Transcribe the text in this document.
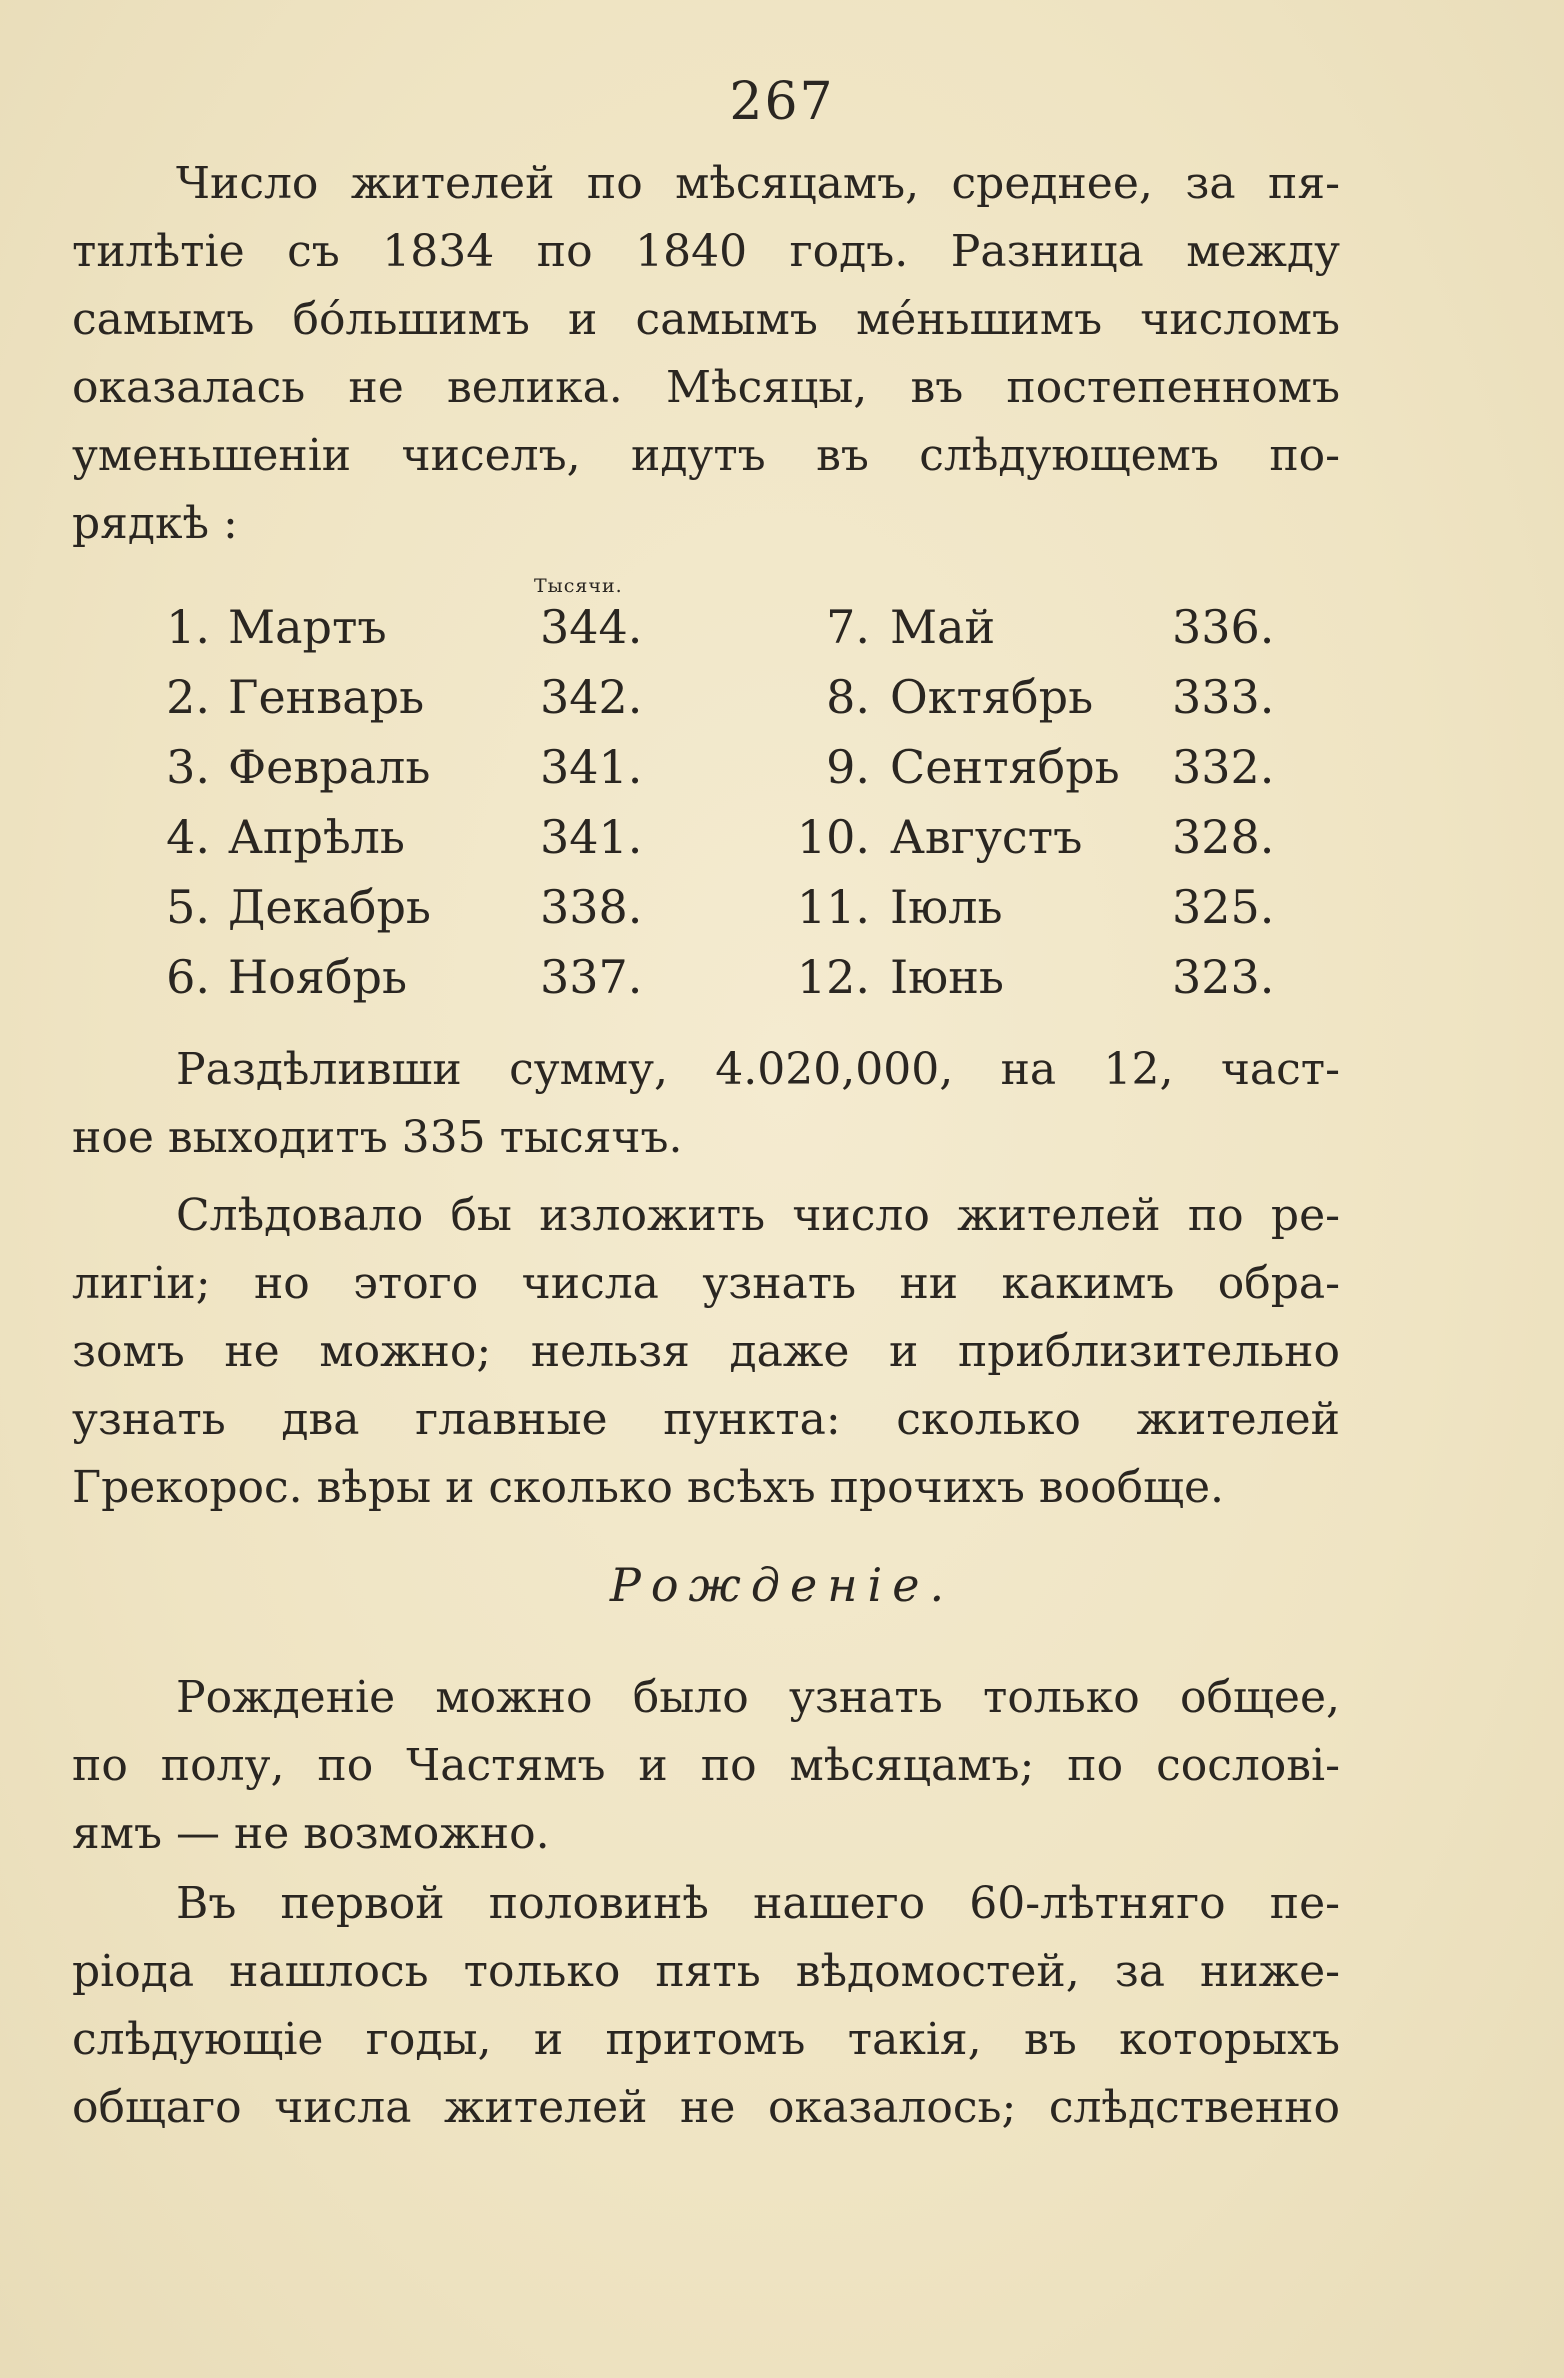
267
Число жителей по мѣсяцамъ, среднее, за пя-
тилѣтіе съ 1834 по 1840 годъ. Разница между
самымъ бо́льшимъ и самымъ ме́ньшимъ числомъ
оказалась не велика. Мѣсяцы, въ постепенномъ
уменьшеніи чиселъ, идутъ въ слѣдующемъ по-
рядкѣ :
Тысячи.
1. Мартъ	344.	7. Май	336.
2. Генварь	342.	8. Октябрь 333.
3. Февраль 341.	9. Сентябрь 332.
4. Апрѣль	341.	10. Августъ 328.
5. Декабрь 338.	11. Іюль	325.
6. Ноябрь	337.	12. Іюнь	323.
Раздѣливши сумму, 4.020,000, на 12, част-
ное выходитъ 335 тысячъ.
Слѣдовало бы изложить число жителей по ре-
лигіи; но этого числа узнать ни какимъ обра-
зомъ не можно; нельзя даже и приблизительно
узнать два главные пункта: сколько жителей
Грекорос. вѣры и сколько всѣхъ прочихъ вообще.
Рожденіе.
Рожденіе можно было узнать только общее,
по полу, по Частямъ и по мѣсяцамъ; по сослові-
ямъ — не возможно.
Въ первой половинѣ нашего 60-лѣтняго пе-
ріода нашлось только пять вѣдомостей, за ниже-
слѣдующіе годы, и притомъ такія, въ которыхъ
общаго числа жителей не оказалось; слѣдственно
